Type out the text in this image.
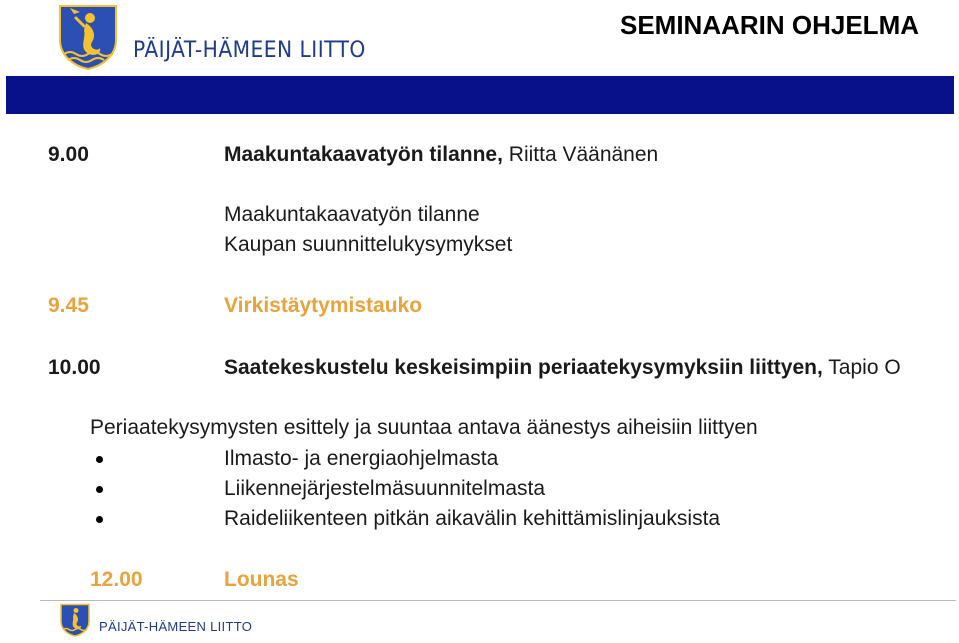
PÄIJÄT-HÄMEEN LIITTO
SEMINAARIN OHJELMA
9.00	Maakuntakaavatyön tilanne, Riitta Väänänen
Maakuntakaavatyön tilanne
Kaupan suunnittelukysymykset
9.45	Virkistäytymistauko
10.00	Saatekeskustelu keskeisimpiin periaatekysymyksiin liittyen, Tapio O
Periaatekysymysten esittely ja suuntaa antava äänestys aiheisiin liittyen
Ilmasto- ja energiaohjelmasta
Liikennejärjestelmäsuunnitelmasta
Raideliikenteen pitkän aikavälin kehittämislinjauksista
12.00	Lounas
PÄIJÄT-HÄMEEN LIITTO
